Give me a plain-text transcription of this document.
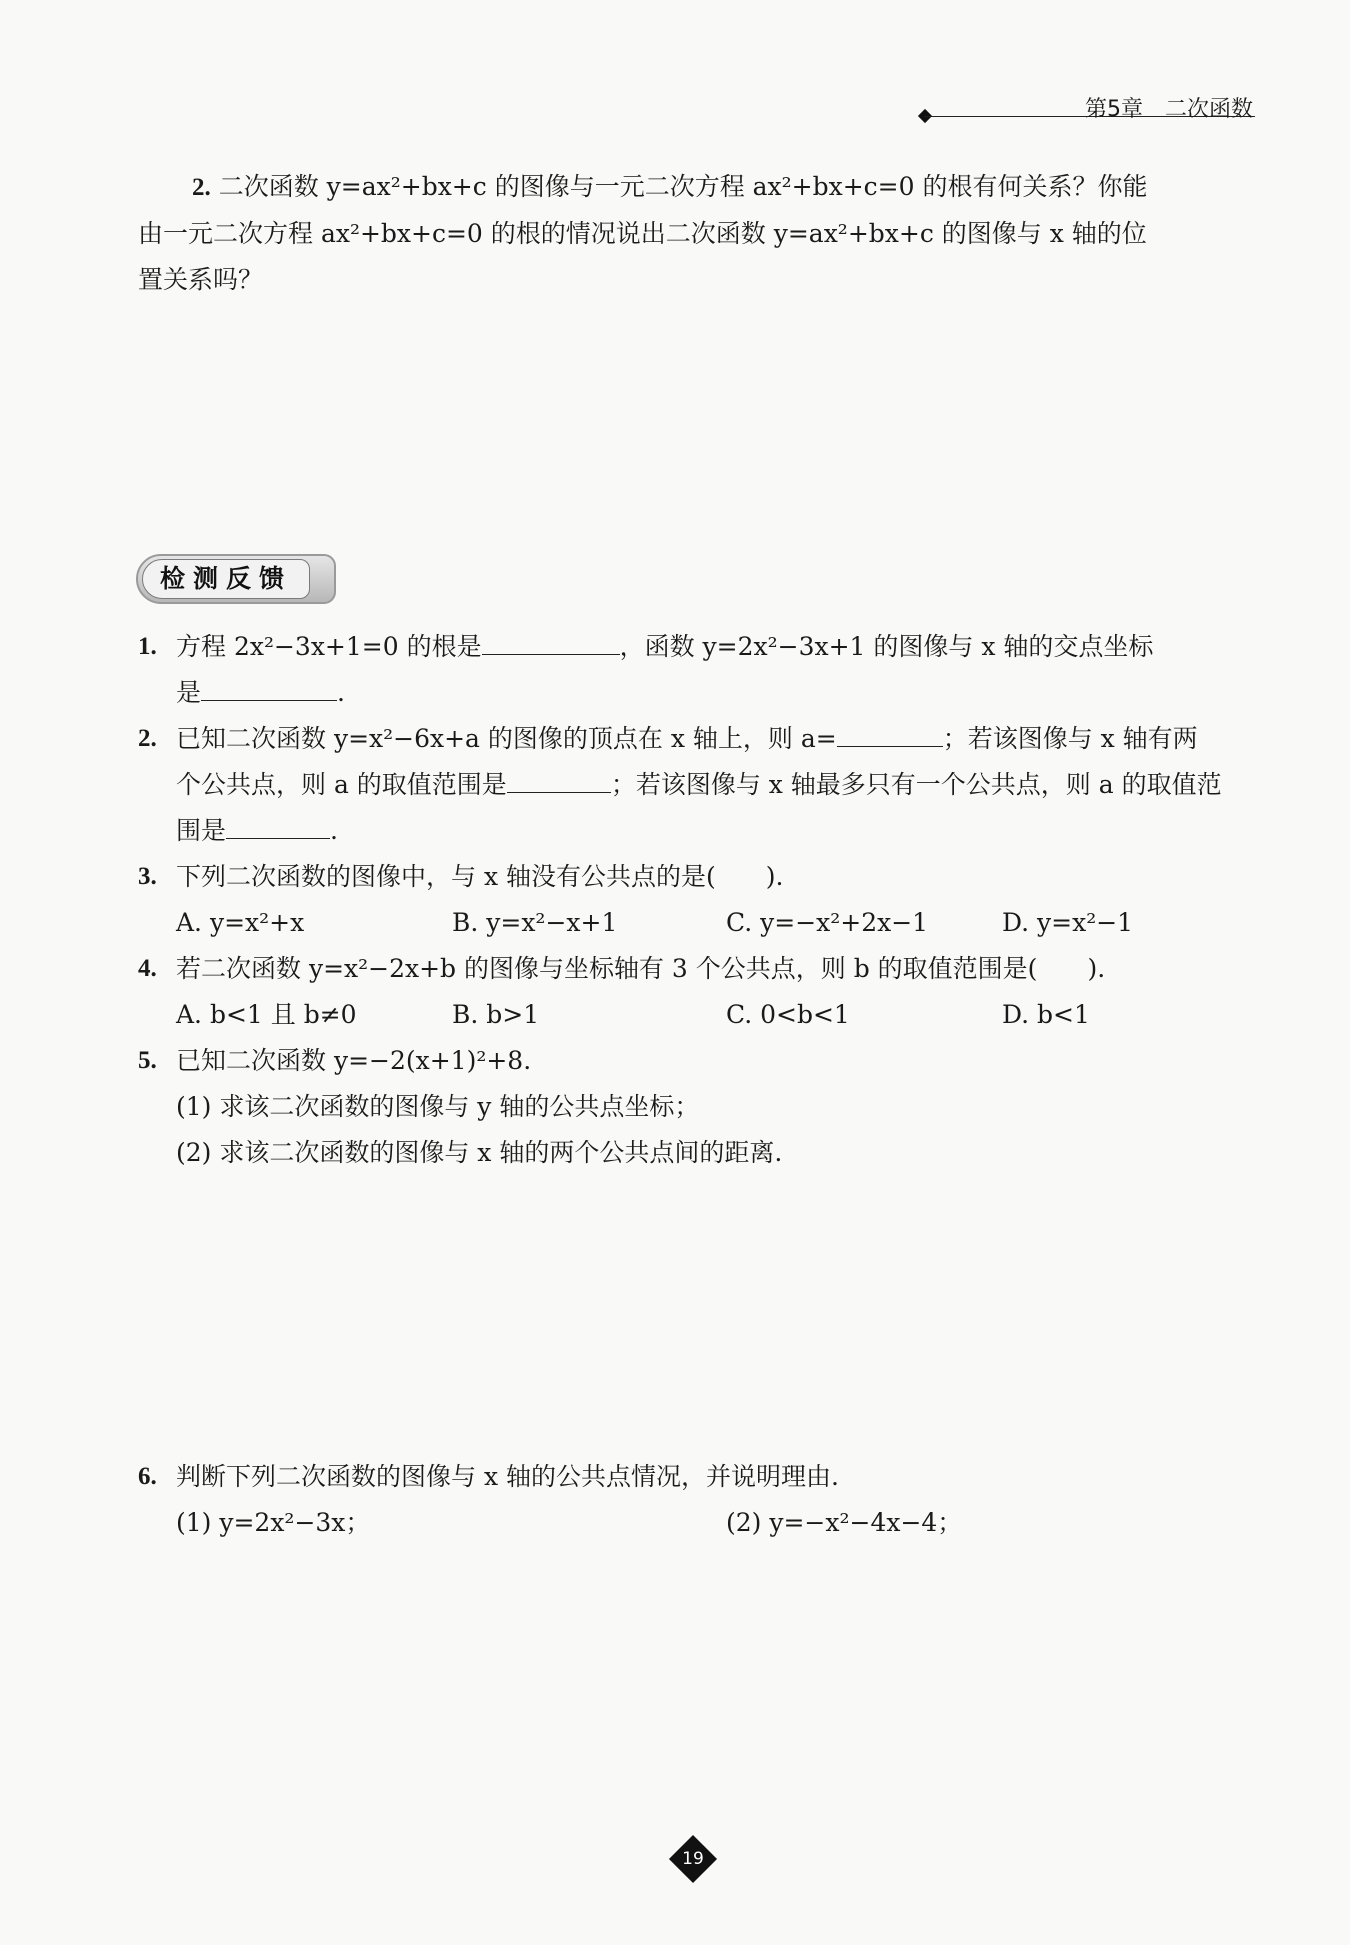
第5章　二次函数

2. 二次函数 y=ax²+bx+c 的图像与一元二次方程 ax²+bx+c=0 的根有何关系？你能

由一元二次方程 ax²+bx+c=0 的根的情况说出二次函数 y=ax²+bx+c 的图像与 x 轴的位

置关系吗？

检测反馈
1. 方程 2x²−3x+1=0 的根是	，函数 y=2x²−3x+1 的图像与 x 轴的交点坐标
是	.
2. 已知二次函数 y=x²−6x+a 的图像的顶点在 x 轴上，则 a=	；若该图像与 x 轴有两
个公共点，则 a 的取值范围是	；若该图像与 x 轴最多只有一个公共点，则 a 的取值范
围是	.
3. 下列二次函数的图像中，与 x 轴没有公共点的是(　　).
A. y=x²+x	B. y=x²−x+1	C. y=−x²+2x−1	D. y=x²−1
4. 若二次函数 y=x²−2x+b 的图像与坐标轴有 3 个公共点，则 b 的取值范围是(　　).
A. b<1 且 b≠0	B. b>1	C. 0<b<1	D. b<1
5. 已知二次函数 y=−2(x+1)²+8.
(1) 求该二次函数的图像与 y 轴的公共点坐标；
(2) 求该二次函数的图像与 x 轴的两个公共点间的距离.
6. 判断下列二次函数的图像与 x 轴的公共点情况，并说明理由.
(1) y=2x²−3x；	(2) y=−x²−4x−4；
19
